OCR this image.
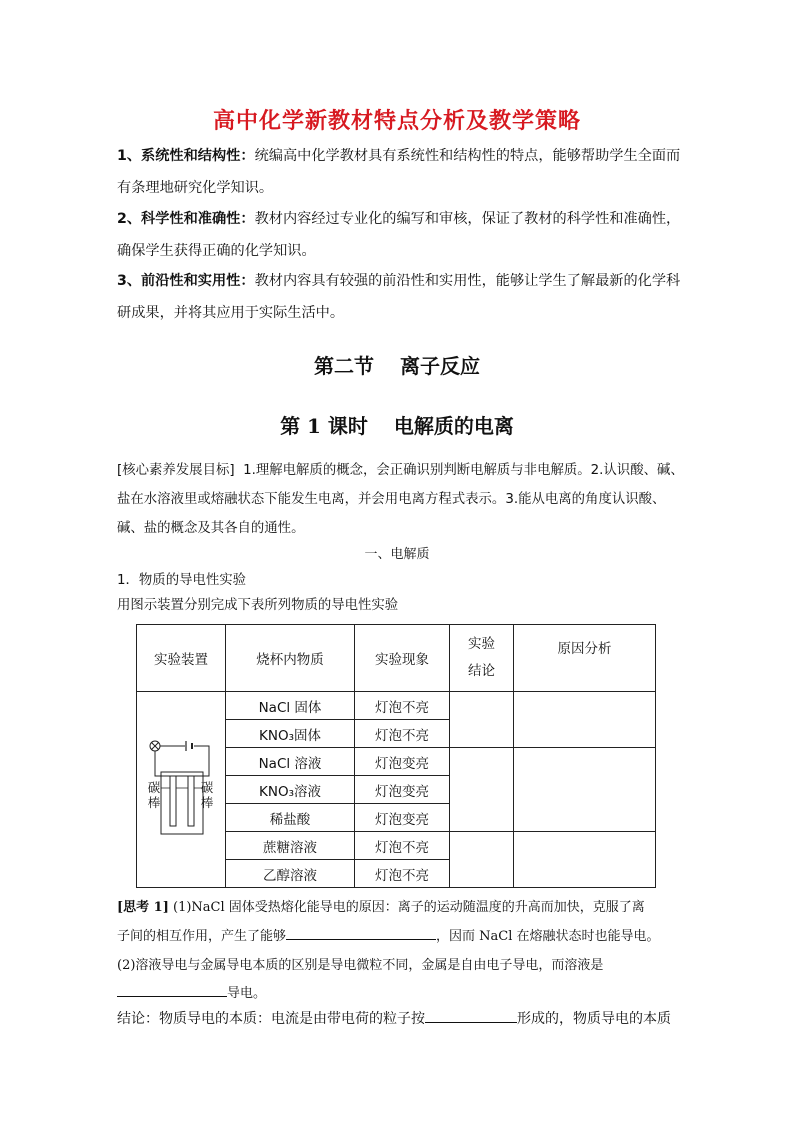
高中化学新教材特点分析及教学策略
1、系统性和结构性：统编高中化学教材具有系统性和结构性的特点，能够帮助学生全面而有条理地研究化学知识。
2、科学性和准确性：教材内容经过专业化的编写和审核，保证了教材的科学性和准确性，确保学生获得正确的化学知识。
3、前沿性和实用性：教材内容具有较强的前沿性和实用性，能够让学生了解最新的化学科研成果，并将其应用于实际生活中。
第二节 离子反应
第 1 课时 电解质的电离
[核心素养发展目标] 1.理解电解质的概念，会正确识别判断电解质与非电解质。2.认识酸、碱、盐在水溶液里或熔融状态下能发生电离，并会用电离方程式表示。3.能从电离的角度认识酸、碱、盐的概念及其各自的通性。
一、电解质
1．物质的导电性实验
用图示装置分别完成下表所列物质的导电性实验
实验装置	烧杯内物质	实验现象	实验结论	原因分析

碳棒
碳棒	NaCl 固体	灯泡不亮		
	KNO₃固体	灯泡不亮		
	NaCl 溶液	灯泡变亮		
	KNO₃溶液	灯泡变亮		
	稀盐酸	灯泡变亮		
	蔗糖溶液	灯泡不亮		
	乙醇溶液	灯泡不亮		
[思考 1] (1)NaCl 固体受热熔化能导电的原因：离子的运动随温度的升高而加快，克服了离
子间的相互作用，产生了能够	，因而 NaCl 在熔融状态时也能导电。
(2)溶液导电与金属导电本质的区别是导电微粒不同，金属是自由电子导电，而溶液是
导电。
结论：物质导电的本质：电流是由带电荷的粒子按	形成的，物质导电的本质
